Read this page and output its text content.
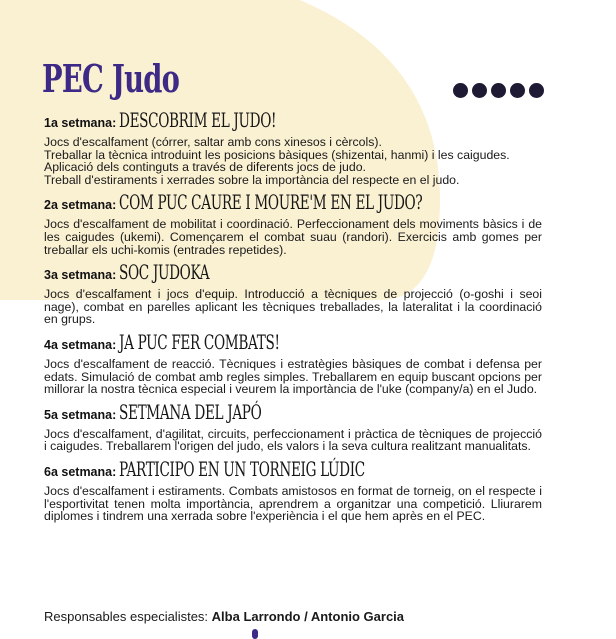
PEC Judo
1a setmana: DESCOBRIM EL JUDO!

Jocs d'escalfament (córrer, saltar amb cons xinesos i cèrcols).

Treballar la tècnica introduint les posicions bàsiques (shizentai, hanmi) i les caigudes.

Aplicació dels continguts a través de diferents jocs de judo.

Treball d'estiraments i xerrades sobre la importància del respecte en el judo.

2a setmana: COM PUC CAURE I MOURE'M EN EL JUDO?
Jocs d'escalfament de mobilitat i coordinació. Perfeccionament dels moviments bàsics i de les caigudes (ukemi). Començarem el combat suau (randori). Exercicis amb gomes per treballar els uchi-komis (entrades repetides).
3a setmana: SOC JUDOKA
Jocs d'escalfament i jocs d'equip. Introducció a tècniques de projecció (o-goshi i seoi nage), combat en parelles aplicant les tècniques treballades, la lateralitat i la coordinació en grups.
4a setmana: JA PUC FER COMBATS!
Jocs d'escalfament de reacció. Tècniques i estratègies bàsiques de combat i defensa per edats. Simulació de combat amb regles simples. Treballarem en equip buscant opcions per millorar la nostra tècnica especial i veurem la importància de l'uke (company/a) en el Judo.
5a setmana: SETMANA DEL JAPÓ
Jocs d'escalfament, d'agilitat, circuits, perfeccionament i pràctica de tècniques de projecció i caigudes. Treballarem l'origen del judo, els valors i la seva cultura realitzant manualitats.
6a setmana: PARTICIPO EN UN TORNEIG LÚDIC
Jocs d'escalfament i estiraments. Combats amistosos en format de torneig, on el respecte i l'esportivitat tenen molta importància, aprendrem a organitzar una competició. Lliurarem diplomes i tindrem una xerrada sobre l'experiència i el que hem après en el PEC.
Responsables especialistes: Alba Larrondo / Antonio Garcia
